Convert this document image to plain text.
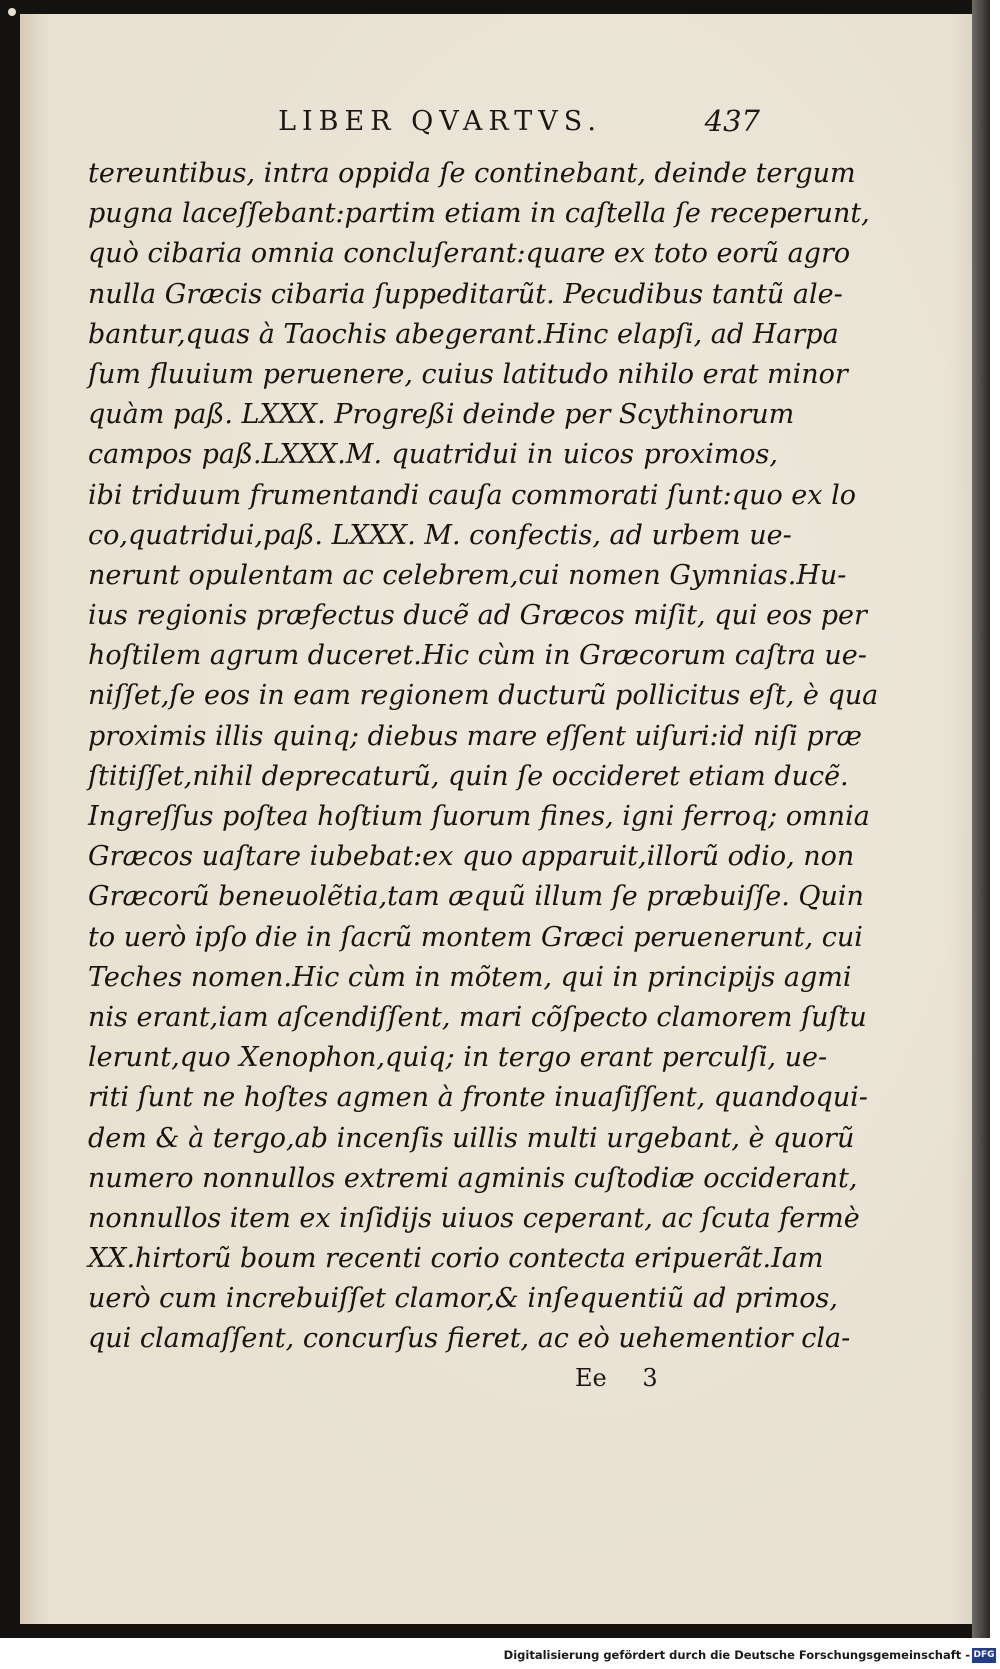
LIBER QVARTVS.	437
tereuntibus, intra oppida ſe continebant, deinde tergum
pugna laceſſebant:partim etiam in caſtella ſe receperunt,
quò cibaria omnia concluſerant:quare ex toto eorũ agro
nulla Græcis cibaria ſuppeditarũt. Pecudibus tantũ ale-
bantur,quas à Taochis abegerant.Hinc elapſi, ad Harpa
ſum fluuium peruenere, cuius latitudo nihilo erat minor
quàm paß. LXXX. Progreßi deinde per Scythinorum
campos paß.LXXX.M. quatridui in uicos proximos,
ibi triduum frumentandi cauſa commorati ſunt:quo ex lo
co,quatridui,paß. LXXX. M. confectis, ad urbem ue-
nerunt opulentam ac celebrem,cui nomen Gymnias.Hu-
ius regionis præfectus ducẽ ad Græcos miſit, qui eos per
hoſtilem agrum duceret.Hic cùm in Græcorum caſtra ue-
niſſet,ſe eos in eam regionem ducturũ pollicitus eſt, è qua
proximis illis quinq; diebus mare eſſent uiſuri:id niſi præ
ſtitiſſet,nihil deprecaturũ, quin ſe occideret etiam ducẽ.
Ingreſſus poſtea hoſtium ſuorum fines, igni ferroq; omnia
Græcos uaſtare iubebat:ex quo apparuit,illorũ odio, non
Græcorũ beneuolẽtia,tam æquũ illum ſe præbuiſſe. Quin
to uerò ipſo die in ſacrũ montem Græci peruenerunt, cui
Teches nomen.Hic cùm in mõtem, qui in principijs agmi
nis erant,iam aſcendiſſent, mari cõſpecto clamorem ſuſtu
lerunt,quo Xenophon,quiq; in tergo erant perculſi, ue-
riti ſunt ne hoſtes agmen à fronte inuaſiſſent, quandoqui-
dem & à tergo,ab incenſis uillis multi urgebant, è quorũ
numero nonnullos extremi agminis cuſtodiæ occiderant,
nonnullos item ex inſidijs uiuos ceperant, ac ſcuta fermè
XX.hirtorũ boum recenti corio contecta eripuerãt.Iam
uerò cum increbuiſſet clamor,& inſequentiũ ad primos,
qui clamaſſent, concurſus fieret, ac eò uehementior cla-
Ee 3
Digitalisierung gefördert durch die Deutsche Forschungsgemeinschaft - DFG
